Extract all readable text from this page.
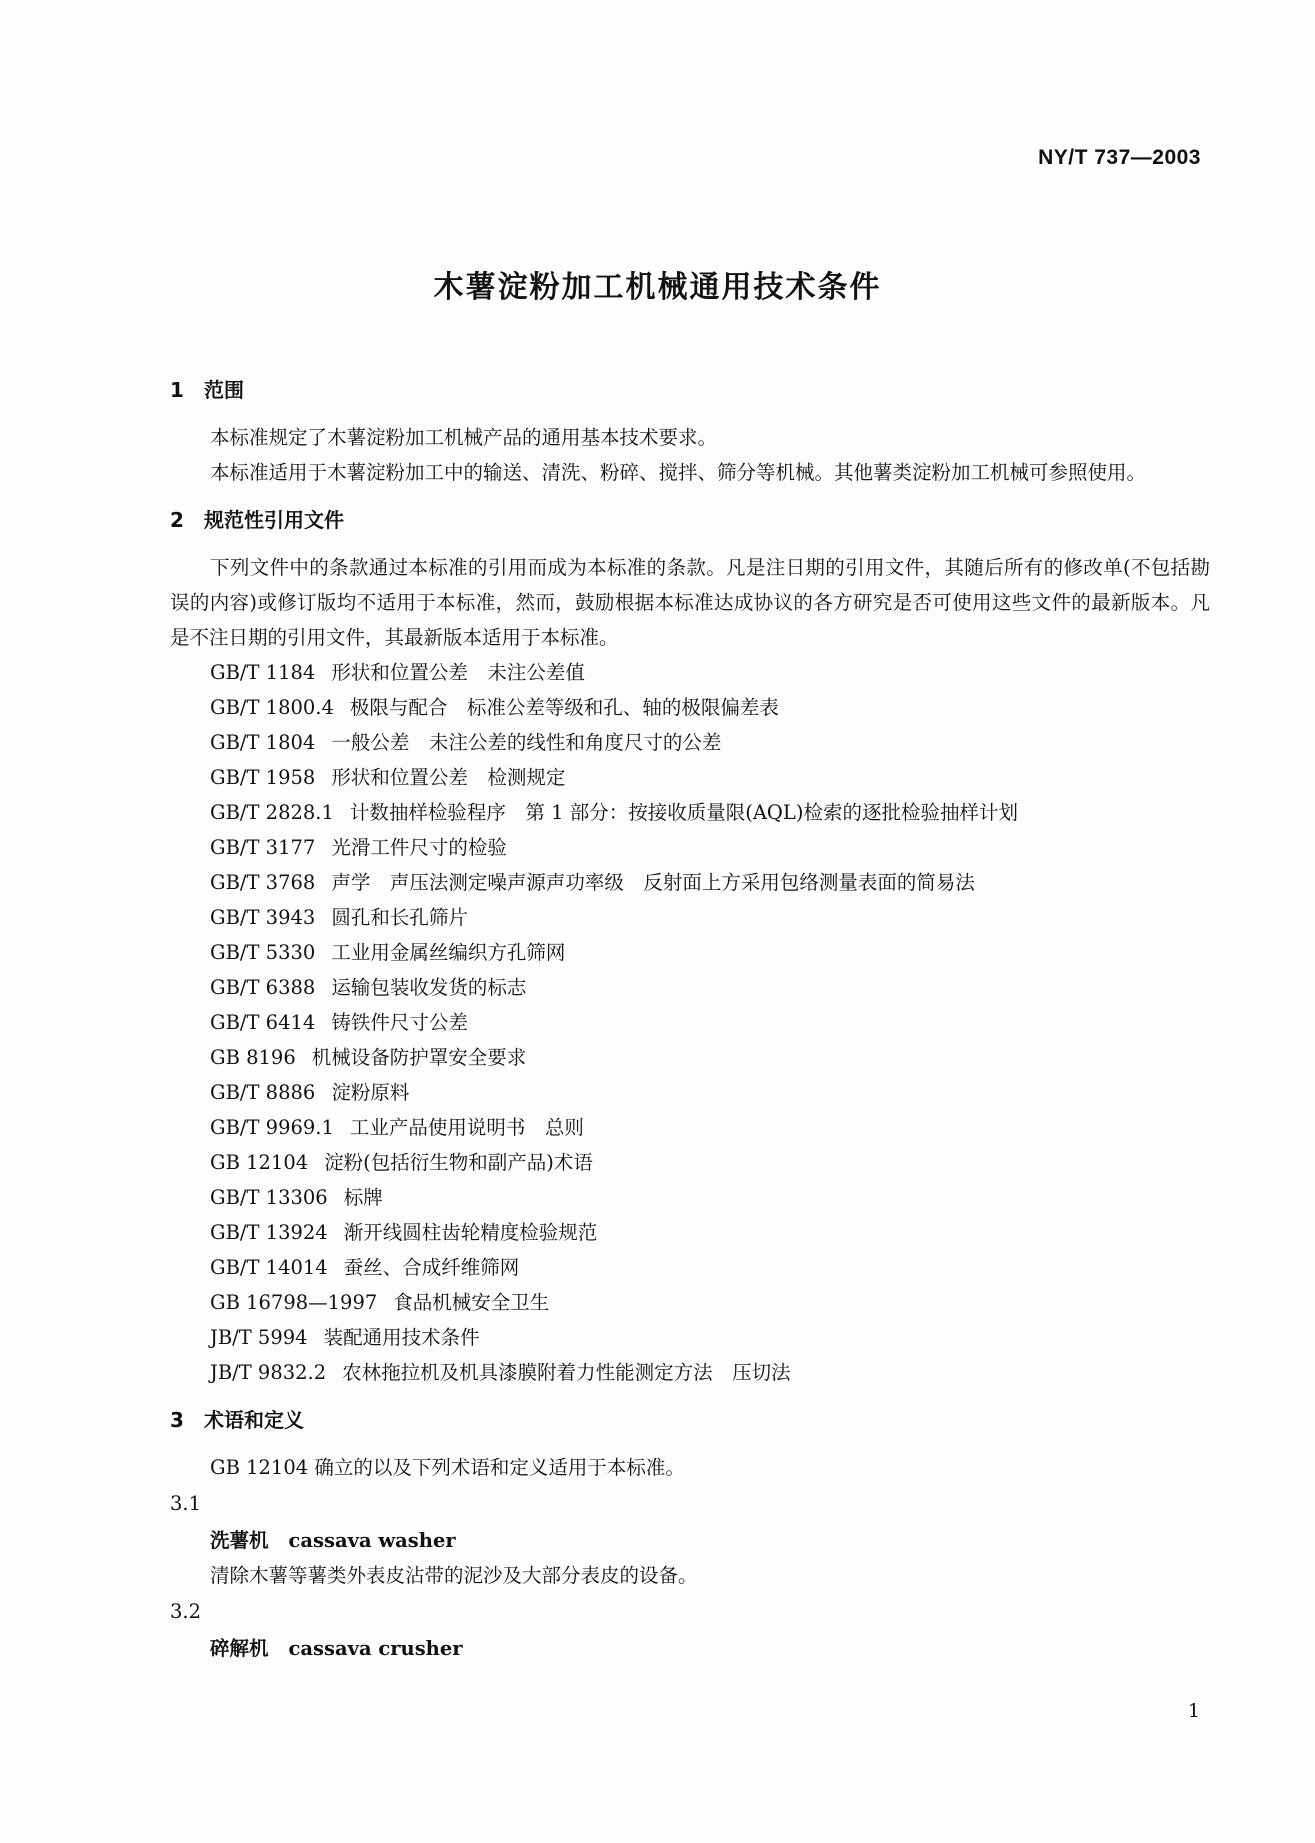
NY/T 737—2003
木薯淀粉加工机械通用技术条件
1 范围

本标准规定了木薯淀粉加工机械产品的通用基本技术要求。

本标准适用于木薯淀粉加工中的输送、清洗、粉碎、搅拌、筛分等机械。其他薯类淀粉加工机械可参照使用。

2 规范性引用文件

下列文件中的条款通过本标准的引用而成为本标准的条款。凡是注日期的引用文件，其随后所有的修改单(不包括勘误的内容)或修订版均不适用于本标准，然而，鼓励根据本标准达成协议的各方研究是否可使用这些文件的最新版本。凡是不注日期的引用文件，其最新版本适用于本标准。

GB/T 1184 形状和位置公差　未注公差值
GB/T 1800.4 极限与配合　标准公差等级和孔、轴的极限偏差表
GB/T 1804 一般公差　未注公差的线性和角度尺寸的公差
GB/T 1958 形状和位置公差　检测规定
GB/T 2828.1 计数抽样检验程序　第 1 部分：按接收质量限(AQL)检索的逐批检验抽样计划
GB/T 3177 光滑工件尺寸的检验
GB/T 3768 声学　声压法测定噪声源声功率级　反射面上方采用包络测量表面的简易法
GB/T 3943 圆孔和长孔筛片
GB/T 5330 工业用金属丝编织方孔筛网
GB/T 6388 运输包装收发货的标志
GB/T 6414 铸铁件尺寸公差
GB 8196 机械设备防护罩安全要求
GB/T 8886 淀粉原料
GB/T 9969.1 工业产品使用说明书　总则
GB 12104 淀粉(包括衍生物和副产品)术语
GB/T 13306 标牌
GB/T 13924 渐开线圆柱齿轮精度检验规范
GB/T 14014 蚕丝、合成纤维筛网
GB 16798—1997 食品机械安全卫生
JB/T 5994 装配通用技术条件
JB/T 9832.2 农林拖拉机及机具漆膜附着力性能测定方法　压切法
3 术语和定义

GB 12104 确立的以及下列术语和定义适用于本标准。

3.1
洗薯机 cassava washer
清除木薯等薯类外表皮沾带的泥沙及大部分表皮的设备。
3.2
碎解机 cassava crusher
1
